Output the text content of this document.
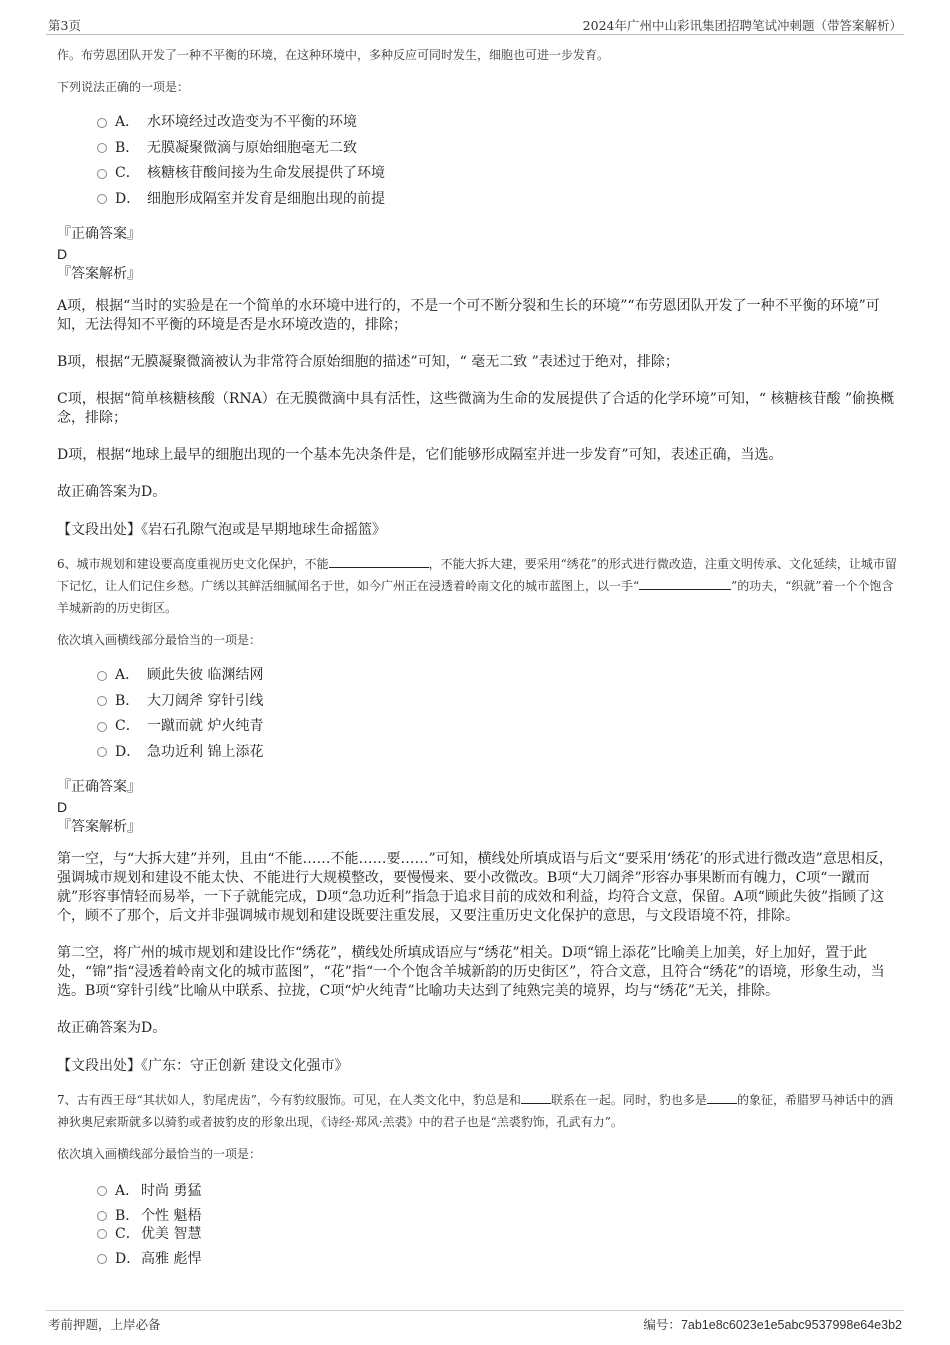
第3页	2024年广州中山彩讯集团招聘笔试冲刺题（带答案解析）

作。布劳恩团队开发了一种不平衡的环境，在这种环境中，多种反应可同时发生，细胞也可进一步发育。

下列说法正确的一项是：

A． 水环境经过改造变为不平衡的环境
B． 无膜凝聚微滴与原始细胞毫无二致
C． 核糖核苷酸间接为生命发展提供了环境
D． 细胞形成隔室并发育是细胞出现的前提

『正确答案』

D

『答案解析』

A项，根据“当时的实验是在一个简单的水环境中进行的，不是一个可不断分裂和生长的环境”“布劳恩团队开发了一种不平衡的环境”可知，无法得知不平衡的环境是否是水环境改造的，排除；

B项，根据“无膜凝聚微滴被认为非常符合原始细胞的描述”可知，“ 毫无二致 ”表述过于绝对，排除；

C项，根据“简单核糖核酸（RNA）在无膜微滴中具有活性，这些微滴为生命的发展提供了合适的化学环境”可知，“ 核糖核苷酸 ”偷换概念，排除；

D项，根据“地球上最早的细胞出现的一个基本先决条件是，它们能够形成隔室并进一步发育”可知，表述正确，当选。

故正确答案为D。

【文段出处】《岩石孔隙气泡或是早期地球生命摇篮》

6、城市规划和建设要高度重视历史文化保护，不能	，不能大拆大建，要采用“绣花”的形式进行微改造，注重文明传承、文化延续，让城市留下记忆，让人们记住乡愁。广绣以其鲜活细腻闻名于世，如今广州正在浸透着岭南文化的城市蓝图上，以一手“	”的功夫，“织就”着一个个饱含羊城新韵的历史街区。

依次填入画横线部分最恰当的一项是：

A． 顾此失彼 临渊结网
B． 大刀阔斧 穿针引线
C． 一蹴而就 炉火纯青
D． 急功近利 锦上添花

『正确答案』

D

『答案解析』

第一空，与“大拆大建”并列，且由“不能……不能……要……”可知，横线处所填成语与后文“要采用‘绣花’的形式进行微改造”意思相反，强调城市规划和建设不能太快、不能进行大规模整改，要慢慢来、要小改微改。B项“大刀阔斧”形容办事果断而有魄力，C项“一蹴而就”形容事情轻而易举，一下子就能完成，D项“急功近利”指急于追求目前的成效和利益，均符合文意，保留。A项“顾此失彼”指顾了这个，顾不了那个，后文并非强调城市规划和建设既要注重发展，又要注重历史文化保护的意思，与文段语境不符，排除。

第二空，将广州的城市规划和建设比作“绣花”，横线处所填成语应与“绣花”相关。D项“锦上添花”比喻美上加美，好上加好，置于此处，“锦”指“浸透着岭南文化的城市蓝图”，“花”指“一个个饱含羊城新韵的历史街区”，符合文意，且符合“绣花”的语境，形象生动，当选。B项“穿针引线”比喻从中联系、拉拢，C项“炉火纯青”比喻功夫达到了纯熟完美的境界，均与“绣花”无关，排除。

故正确答案为D。

【文段出处】《广东：守正创新 建设文化强市》

7、古有西王母“其状如人，豹尾虎齿”，今有豹纹服饰。可见，在人类文化中，豹总是和	联系在一起。同时，豹也多是	的象征，希腊罗马神话中的酒神狄奥尼索斯就多以骑豹或者披豹皮的形象出现，《诗经·郑风·羔裘》中的君子也是“羔裘豹饰，孔武有力”。

依次填入画横线部分最恰当的一项是：

A． 时尚 勇猛
B． 个性 魁梧
C． 优美 智慧
D． 高雅 彪悍
考前押题，上岸必备	编号：7ab1e8c6023e1e5abc9537998e64e3b2
